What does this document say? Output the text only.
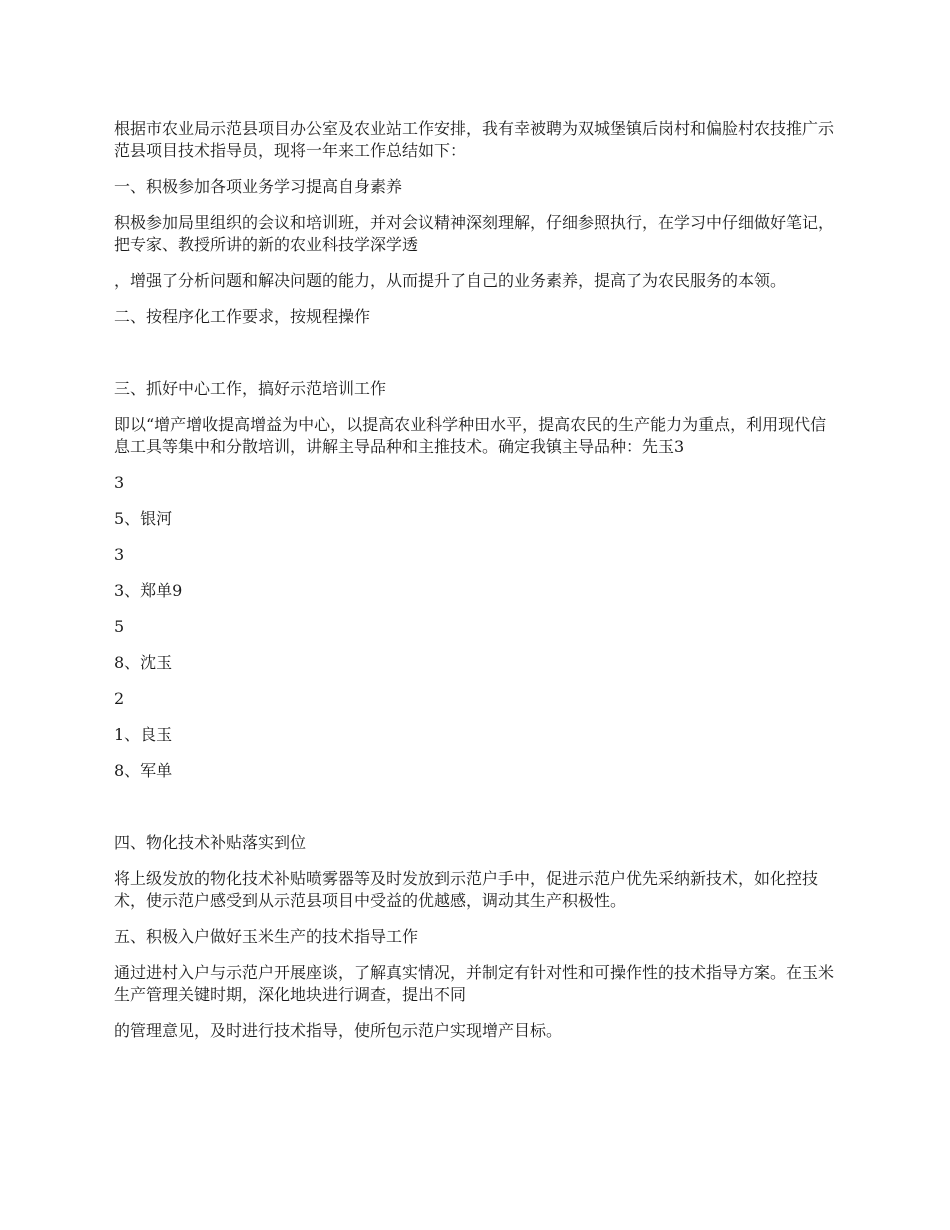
根据市农业局示范县项目办公室及农业站工作安排，我有幸被聘为双城堡镇后岗村和偏脸村农技推广示范县项目技术指导员，现将一年来工作总结如下：

一、积极参加各项业务学习提高自身素养

积极参加局里组织的会议和培训班，并对会议精神深刻理解，仔细参照执行，在学习中仔细做好笔记，把专家、教授所讲的新的农业科技学深学透

，增强了分析问题和解决问题的能力，从而提升了自己的业务素养，提高了为农民服务的本领。

二、按程序化工作要求，按规程操作

三、抓好中心工作，搞好示范培训工作

即以“增产增收提高增益为中心，以提高农业科学种田水平，提高农民的生产能力为重点，利用现代信息工具等集中和分散培训，讲解主导品种和主推技术。确定我镇主导品种：先玉3

3

5、银河

3

3、郑单9

5

8、沈玉

2

1、良玉

8、军单

四、物化技术补贴落实到位

将上级发放的物化技术补贴喷雾器等及时发放到示范户手中，促进示范户优先采纳新技术，如化控技术，使示范户感受到从示范县项目中受益的优越感，调动其生产积极性。

五、积极入户做好玉米生产的技术指导工作

通过进村入户与示范户开展座谈，了解真实情况，并制定有针对性和可操作性的技术指导方案。在玉米生产管理关键时期，深化地块进行调查，提出不同

的管理意见，及时进行技术指导，使所包示范户实现增产目标。
